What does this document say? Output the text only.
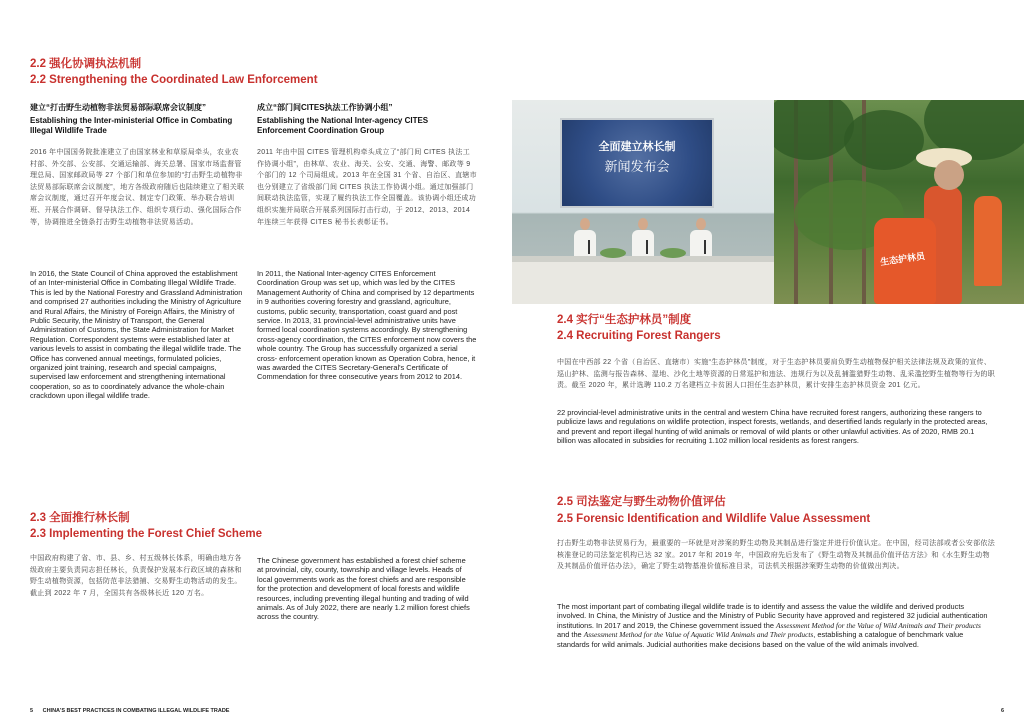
2.2 强化协调执法机制
2.2 Strengthening the Coordinated Law Enforcement
建立“打击野生动植物非法贸易部际联席会议制度”
Establishing the Inter-ministerial Office in Combating Illegal Wildlife Trade
2016 年中国国务院批准建立了由国家林业和草原局牵头，农业农村部、外交部、公安部、交通运输部、海关总署、国家市场监督管理总局、国家邮政局等 27 个部门和单位参加的“打击野生动植物非法贸易部际联席会议制度”，地方各级政府随后也陆续建立了相关联席会议制度，通过召开年度会议、制定专门政策、举办联合培训班、开展合作调研、督导执法工作、组织专项行动、强化国际合作等，协调推进全链条打击野生动植物非法贸易活动。
In 2016, the State Council of China approved the establishment of an Inter-ministerial Office in Combating Illegal Wildlife Trade. This is led by the National Forestry and Grassland Administration and comprised 27 authorities including the Ministry of Agriculture and Rural Affairs, the Ministry of Foreign Affairs, the Ministry of Public Security, the Ministry of Transport, the General Administration of Customs, the State Administration for Market Regulation. Correspondent systems were established later at various levels to assist in combating the illegal wildlife trade. The Office has convened annual meetings, formulated policies, organized joint training, research and special campaigns, supervised law enforcement and strengthening international cooperation, so as to coordinately advance the whole-chain crackdown upon illegal wildlife trade.
成立“部门间CITES执法工作协调小组”
Establishing the National Inter-agency CITES Enforcement Coordination Group
2011 年由中国 CITES 管理机构牵头成立了“部门间 CITES 执法工作协调小组”，由林草、农业、海关、公安、交通、海警、邮政等 9 个部门的 12 个司局组成。2013 年在全国 31 个省、自治区、直辖市也分别建立了省级部门间 CITES 执法工作协调小组。通过加强部门间联动执法监管，实现了履约执法工作全国覆盖。该协调小组还成功组织实施并局联合开展系列国际打击行动，于 2012、2013、2014 年连续三年获得 CITES 秘书长表彰证书。
In 2011, the National Inter-agency CITES Enforcement Coordination Group was set up, which was led by the CITES Management Authority of China and comprised by 12 departments in 9 authorities covering forestry and grassland, agriculture, customs, public security, transportation, coast guard and post service. In 2013, 31 provincial-level administrative units have formed local coordination systems accordingly. By strengthening cross-agency coordination, the CITES enforcement now covers the whole country. The Group has successfully organized a serial cross- enforcement operation known as Operation Cobra, hence, it was awarded the CITES Secretary-General's Certificate of Commendation for three consecutive years from 2012 to 2014.
2.3 全面推行林长制
2.3 Implementing the Forest Chief Scheme
中国政府构建了省、市、县、乡、村五级林长体系，明确由地方各级政府主要负责同志担任林长，负责保护发展本行政区域的森林和野生动植物资源，包括防范非法猎捕、交易野生动物活动的发生。截止到 2022 年 7 月，全国共有各级林长近 120 万名。
The Chinese government has established a forest chief scheme at provincial, city, county, township and village levels. Heads of local governments work as the forest chiefs and are responsible for the protection and development of local forests and wildlife resources, including preventing illegal hunting and trading of wild animals. As of July 2022, there are nearly 1.2 million forest chiefs across the country.
5 CHINA'S BEST PRACTICES IN COMBATING ILLEGAL WILDLIFE TRADE
全面建立林长制
新闻发布会
生态护林员
2.4 实行“生态护林员”制度
2.4 Recruiting Forest Rangers
中国在中西部 22 个省（自治区、直辖市）实施“生态护林员”制度，对于生态护林员要肩负野生动植物保护相关法律法规及政策的宣传、巡山护林、监测与报告森林、湿地、沙化土地等资源的日常巡护和违法、违规行为以及乱捕滥猎野生动物、乱采滥挖野生植物等行为的职责。截至 2020 年，累计选聘 110.2 万名建档立卡贫困人口担任生态护林员，累计安排生态护林员资金 201 亿元。
22 provincial-level administrative units in the central and western China have recruited forest rangers, authorizing these rangers to publicize laws and regulations on wildlife protection, inspect forests, wetlands, and desertified lands regularly in the protected areas, and prevent and report illegal hunting of wild animals or removal of wild plants or other unlawful activities. As of 2020, RMB 20.1 billion was allocated in subsidies for recruiting 1.102 million local residents as forest rangers.
2.5 司法鉴定与野生动物价值评估
2.5 Forensic Identification and Wildlife Value Assessment
打击野生动物非法贸易行为，最重要的一环就是对涉案的野生动物及其制品进行鉴定并进行价值认定。在中国，经司法部或者公安部依法核准登记的司法鉴定机构已达 32 家。2017 年和 2019 年，中国政府先后发布了《野生动物及其制品价值评估方法》和《水生野生动物及其制品价值评估办法》，确定了野生动物基准价值标准目录，司法机关根据涉案野生动物的价值做出判决。
The most important part of combating illegal wildlife trade is to identify and assess the value the wildlife and derived products involved. In China, the Ministry of Justice and the Ministry of Public Security have approved and registered 32 judicial authentication institutions. In 2017 and 2019, the Chinese government issued the Assessment Method for the Value of Wild Animals and Their products and the Assessment Method for the Value of Aquatic Wild Animals and Their products, establishing a catalogue of benchmark value standards for wild animals. Judicial authorities make decisions based on the value of the wild animals involved.
6
